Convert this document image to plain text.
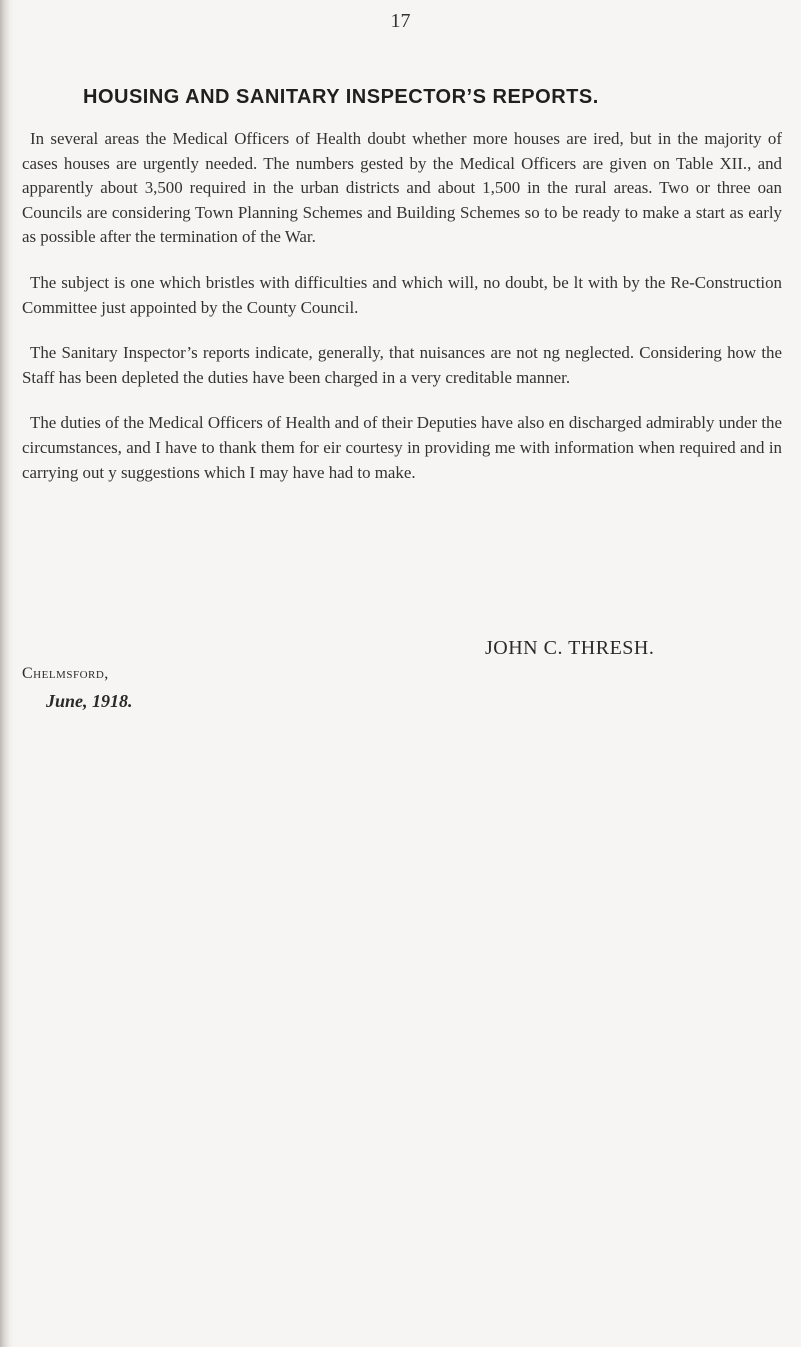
17
HOUSING AND SANITARY INSPECTOR’S REPORTS.

In several areas the Medical Officers of Health doubt whether more houses are ired, but in the majority of cases houses are urgently needed. The numbers gested by the Medical Officers are given on Table XII., and apparently about 3,500 required in the urban districts and about 1,500 in the rural areas. Two or three oan Councils are considering Town Planning Schemes and Building Schemes so to be ready to make a start as early as possible after the termination of the War.

The subject is one which bristles with difficulties and which will, no doubt, be lt with by the Re-Construction Committee just appointed by the County Council.

The Sanitary Inspector’s reports indicate, generally, that nuisances are not ng neglected. Considering how the Staff has been depleted the duties have been charged in a very creditable manner.

The duties of the Medical Officers of Health and of their Deputies have also en discharged admirably under the circumstances, and I have to thank them for eir courtesy in providing me with information when required and in carrying out y suggestions which I may have had to make.

JOHN C. THRESH.

Chelmsford,

June, 1918.
